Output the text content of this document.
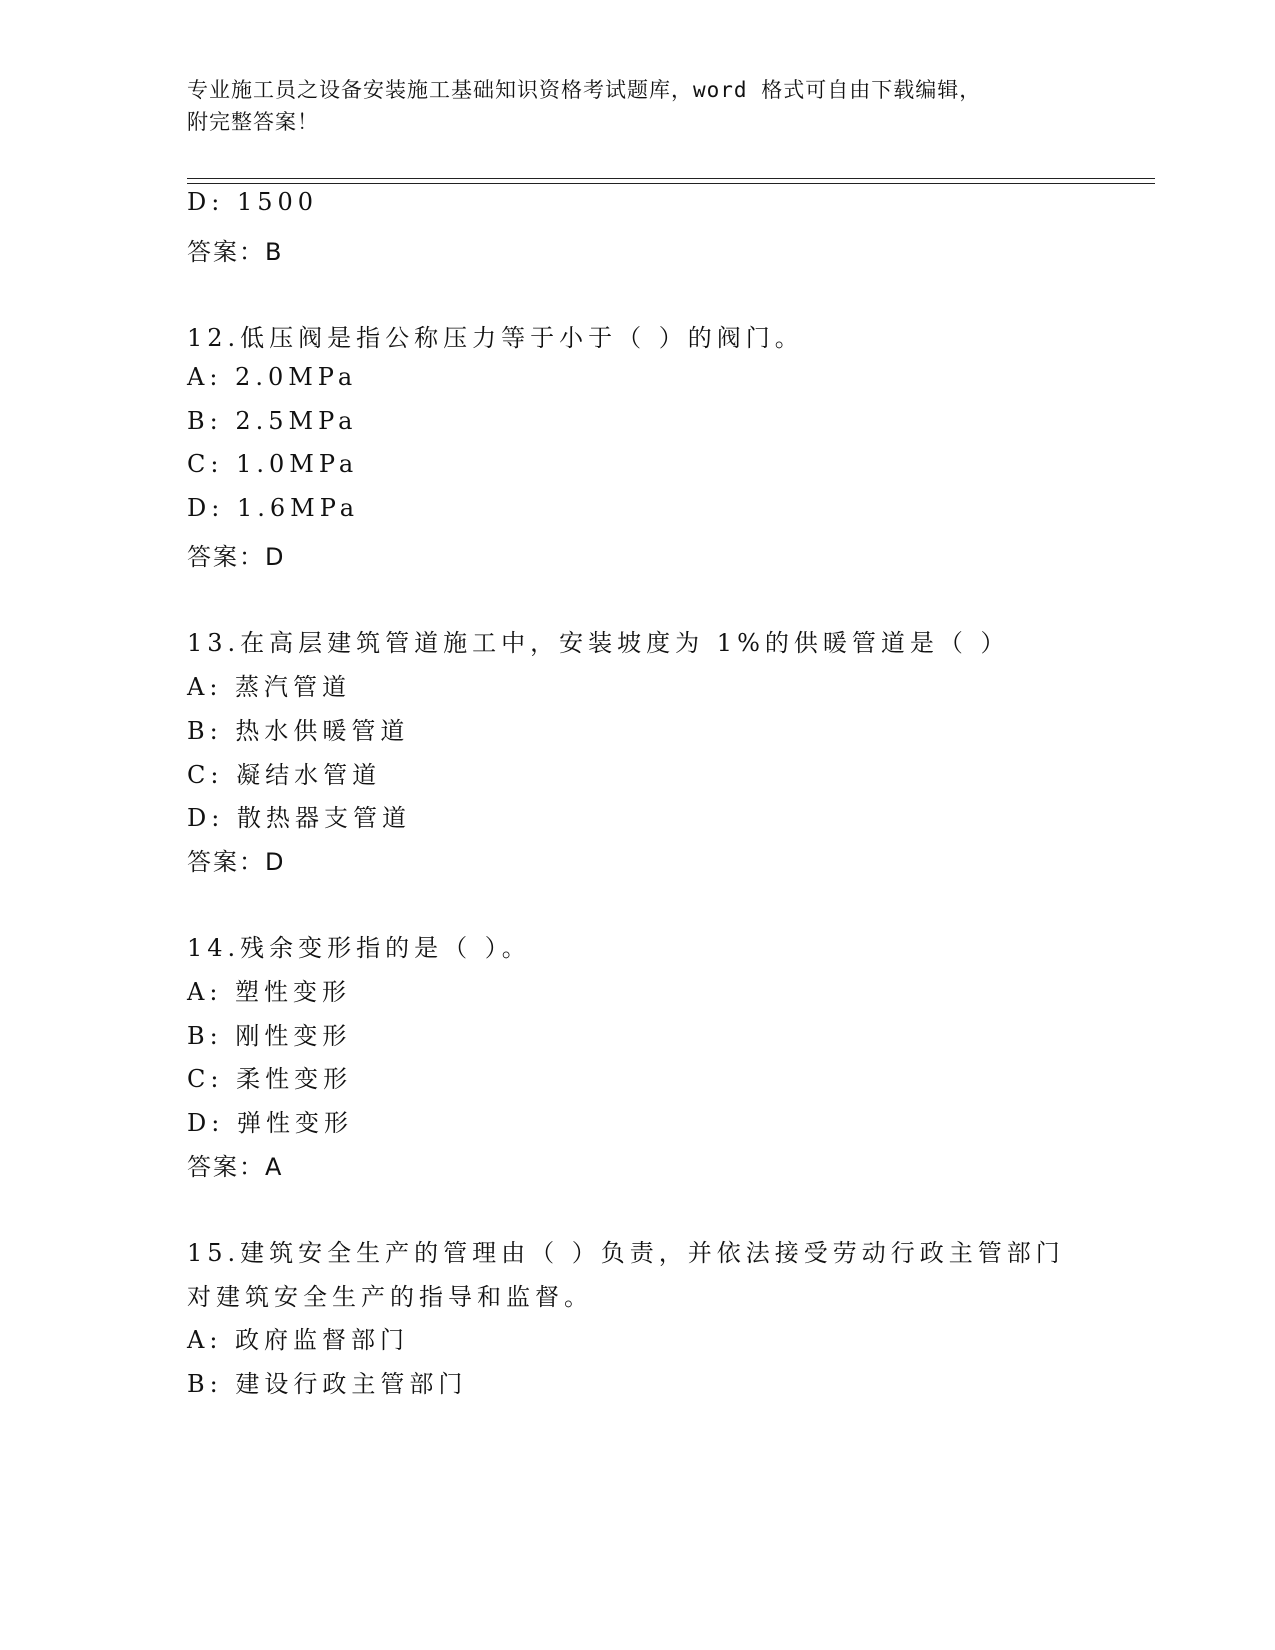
专业施工员之设备安装施工基础知识资格考试题库，word 格式可自由下载编辑，
附完整答案！
D: 1500
答案：B
12.低压阀是指公称压力等于小于（ ）的阀门。
A: 2.0MPa
B: 2.5MPa
C: 1.0MPa
D: 1.6MPa
答案：D
13.在高层建筑管道施工中，安装坡度为 1%的供暖管道是（ ）
A: 蒸汽管道
B: 热水供暖管道
C: 凝结水管道
D: 散热器支管道
答案：D
14.残余变形指的是（ ）。
A: 塑性变形
B: 刚性变形
C: 柔性变形
D: 弹性变形
答案：A
15.建筑安全生产的管理由（ ）负责，并依法接受劳动行政主管部门
对建筑安全生产的指导和监督。
A: 政府监督部门
B: 建设行政主管部门
